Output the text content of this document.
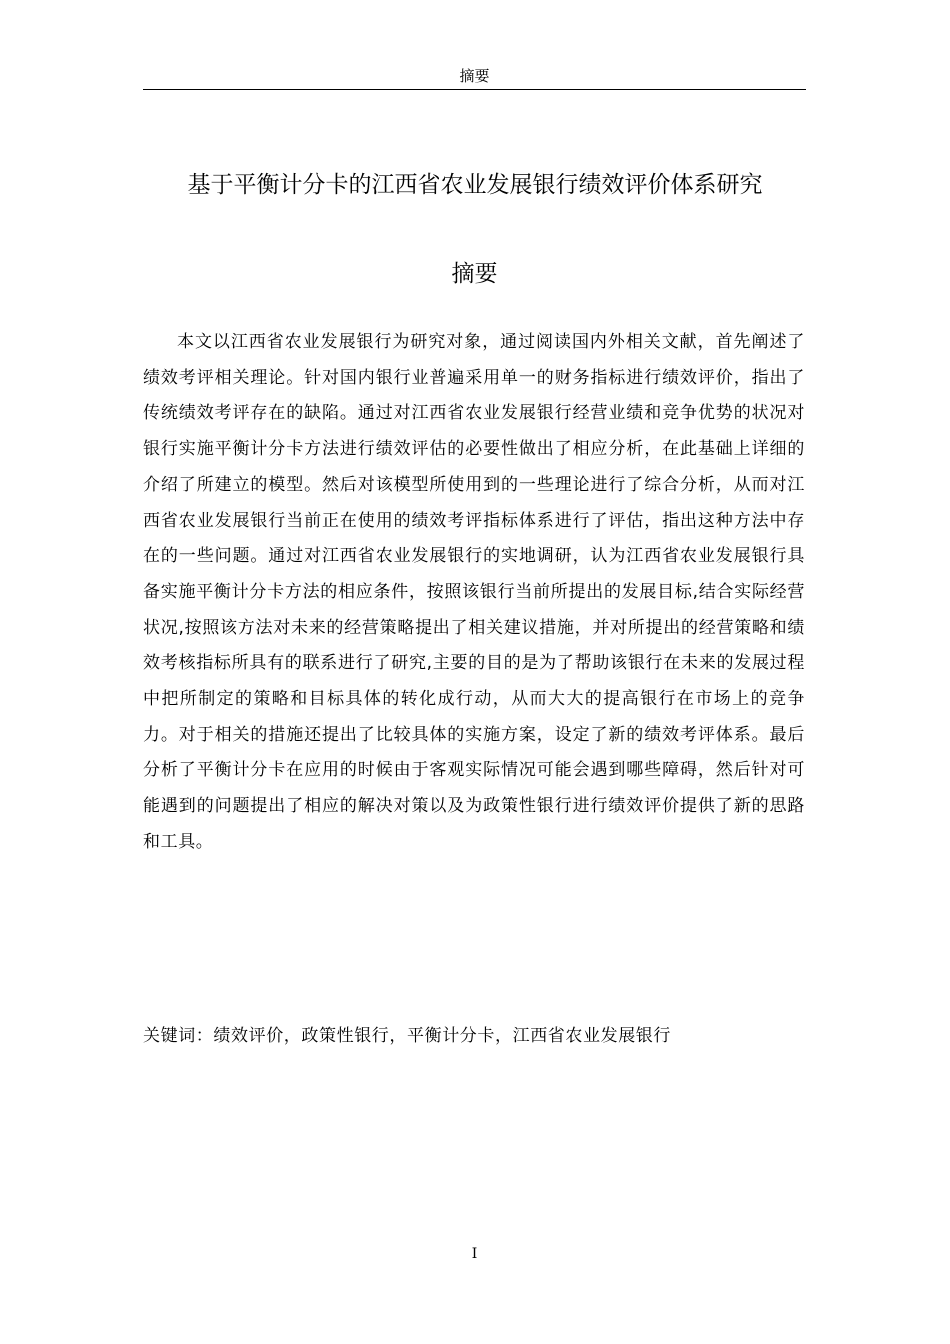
摘要
基于平衡计分卡的江西省农业发展银行绩效评价体系研究
摘要

本文以江西省农业发展银行为研究对象，通过阅读国内外相关文献，首先阐述了绩效考评相关理论。针对国内银行业普遍采用单一的财务指标进行绩效评价，指出了传统绩效考评存在的缺陷。通过对江西省农业发展银行经营业绩和竞争优势的状况对银行实施平衡计分卡方法进行绩效评估的必要性做出了相应分析，在此基础上详细的介绍了所建立的模型。然后对该模型所使用到的一些理论进行了综合分析，从而对江西省农业发展银行当前正在使用的绩效考评指标体系进行了评估，指出这种方法中存在的一些问题。通过对江西省农业发展银行的实地调研，认为江西省农业发展银行具备实施平衡计分卡方法的相应条件，按照该银行当前所提出的发展目标,结合实际经营状况,按照该方法对未来的经营策略提出了相关建议措施，并对所提出的经营策略和绩效考核指标所具有的联系进行了研究,主要的目的是为了帮助该银行在未来的发展过程中把所制定的策略和目标具体的转化成行动，从而大大的提高银行在市场上的竞争力。对于相关的措施还提出了比较具体的实施方案，设定了新的绩效考评体系。最后分析了平衡计分卡在应用的时候由于客观实际情况可能会遇到哪些障碍，然后针对可能遇到的问题提出了相应的解决对策以及为政策性银行进行绩效评价提供了新的思路和工具。

关键词：绩效评价，政策性银行，平衡计分卡，江西省农业发展银行
I
